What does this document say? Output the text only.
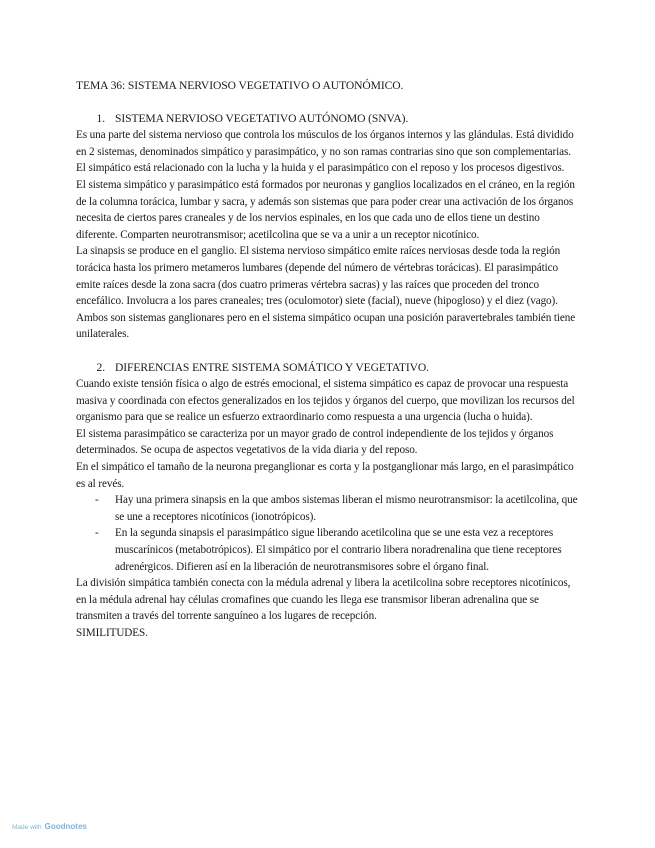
TEMA 36: SISTEMA NERVIOSO VEGETATIVO O AUTONÓMICO.

1. SISTEMA NERVIOSO VEGETATIVO AUTÓNOMO (SNVA).

Es una parte del sistema nervioso que controla los músculos de los órganos internos y las glándulas. Está dividido en 2 sistemas, denominados simpático y parasimpático, y no son ramas contrarias sino que son complementarias.

El simpático está relacionado con la lucha y la huida y el parasimpático con el reposo y los procesos digestivos.

El sistema simpático y parasimpático está formados por neuronas y ganglios localizados en el cráneo, en la región de la columna torácica, lumbar y sacra, y además son sistemas que para poder crear una activación de los órganos necesita de ciertos pares craneales y de los nervios espinales, en los que cada uno de ellos tiene un destino diferente. Comparten neurotransmisor; acetilcolina que se va a unir a un receptor nicotínico.

La sinapsis se produce en el ganglio. El sistema nervioso simpático emite raíces nerviosas desde toda la región torácica hasta los primero metameros lumbares (depende del número de vértebras torácicas). El parasimpático emite raíces desde la zona sacra (dos cuatro primeras vértebra sacras) y las raíces que proceden del tronco encefálico. Involucra a los pares craneales; tres (oculomotor) siete (facial), nueve (hipogloso) y el diez (vago). Ambos son sistemas ganglionares pero en el sistema simpático ocupan una posición paravertebrales también tiene unilaterales.

2. DIFERENCIAS ENTRE SISTEMA SOMÁTICO Y VEGETATIVO.

Cuando existe tensión física o algo de estrés emocional, el sistema simpático es capaz de provocar una respuesta masiva y coordinada con efectos generalizados en los tejidos y órganos del cuerpo, que movilizan los recursos del organismo para que se realice un esfuerzo extraordinario como respuesta a una urgencia (lucha o huida).

El sistema parasimpático se caracteriza por un mayor grado de control independiente de los tejidos y órganos determinados. Se ocupa de aspectos vegetativos de la vida diaria y del reposo.

En el simpático el tamaño de la neurona preganglionar es corta y la postganglionar más largo, en el parasimpático es al revés.

-	Hay una primera sinapsis en la que ambos sistemas liberan el mismo neurotransmisor: la acetilcolina, que se une a receptores nicotínicos (ionotrópicos).
-	En la segunda sinapsis el parasimpático sigue liberando acetilcolina que se une esta vez a receptores muscarínicos (metabotrópicos). El simpático por el contrario libera noradrenalina que tiene receptores adrenérgicos. Difieren así en la liberación de neurotransmisores sobre el órgano final.

La división simpática también conecta con la médula adrenal y libera la acetilcolina sobre receptores nicotínicos, en la médula adrenal hay células cromafines que cuando les llega ese transmisor liberan adrenalina que se transmiten a través del torrente sanguíneo a los lugares de recepción.

SIMILITUDES.

Made with Goodnotes
